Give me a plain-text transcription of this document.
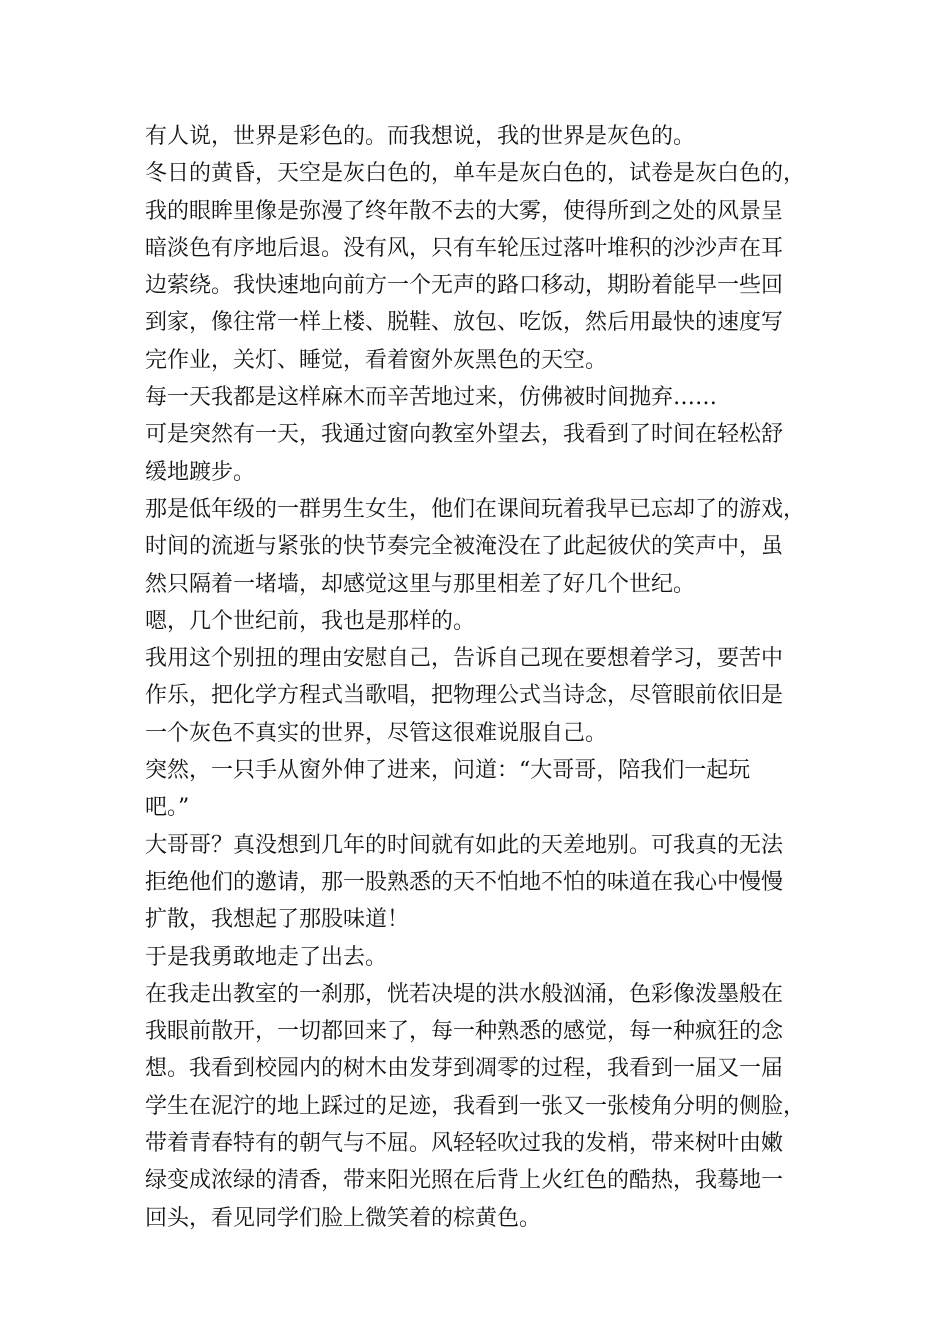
有人说，世界是彩色的。而我想说，我的世界是灰色的。
冬日的黄昏，天空是灰白色的，单车是灰白色的，试卷是灰白色的，
我的眼眸里像是弥漫了终年散不去的大雾，使得所到之处的风景呈
暗淡色有序地后退。没有风，只有车轮压过落叶堆积的沙沙声在耳
边萦绕。我快速地向前方一个无声的路口移动，期盼着能早一些回
到家，像往常一样上楼、脱鞋、放包、吃饭，然后用最快的速度写
完作业，关灯、睡觉，看着窗外灰黑色的天空。
每一天我都是这样麻木而辛苦地过来，仿佛被时间抛弃……
可是突然有一天，我通过窗向教室外望去，我看到了时间在轻松舒
缓地踱步。
那是低年级的一群男生女生，他们在课间玩着我早已忘却了的游戏，
时间的流逝与紧张的快节奏完全被淹没在了此起彼伏的笑声中，虽
然只隔着一堵墙，却感觉这里与那里相差了好几个世纪。
嗯，几个世纪前，我也是那样的。
我用这个别扭的理由安慰自己，告诉自己现在要想着学习，要苦中
作乐，把化学方程式当歌唱，把物理公式当诗念，尽管眼前依旧是
一个灰色不真实的世界，尽管这很难说服自己。
突然，一只手从窗外伸了进来，问道：“大哥哥，陪我们一起玩
吧。”
大哥哥？真没想到几年的时间就有如此的天差地别。可我真的无法
拒绝他们的邀请，那一股熟悉的天不怕地不怕的味道在我心中慢慢
扩散，我想起了那股味道！
于是我勇敢地走了出去。
在我走出教室的一刹那，恍若决堤的洪水般汹涌，色彩像泼墨般在
我眼前散开，一切都回来了，每一种熟悉的感觉，每一种疯狂的念
想。我看到校园内的树木由发芽到凋零的过程，我看到一届又一届
学生在泥泞的地上踩过的足迹，我看到一张又一张棱角分明的侧脸，
带着青春特有的朝气与不屈。风轻轻吹过我的发梢，带来树叶由嫩
绿变成浓绿的清香，带来阳光照在后背上火红色的酷热，我蓦地一
回头，看见同学们脸上微笑着的棕黄色。
